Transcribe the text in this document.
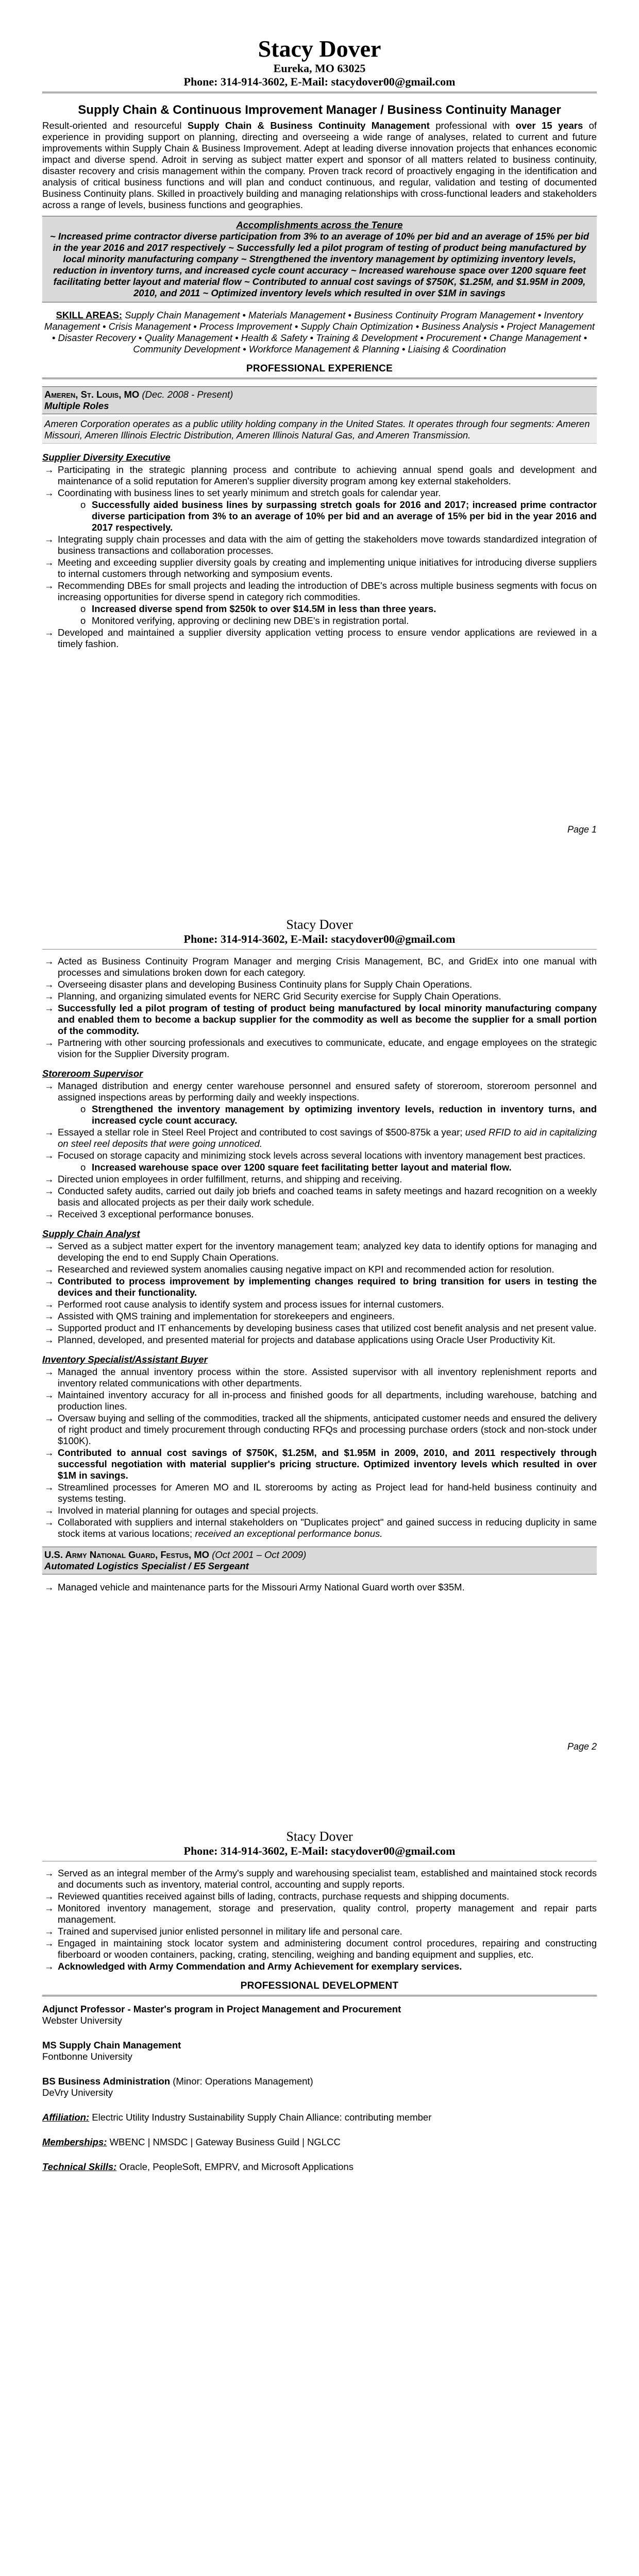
Stacy Dover
Eureka, MO 63025
Phone: 314-914-3602, E-Mail: stacydover00@gmail.com
Supply Chain & Continuous Improvement Manager / Business Continuity Manager

Result-oriented and resourceful Supply Chain & Business Continuity Management professional with over 15 years of experience in providing support on planning, directing and overseeing a wide range of analyses, related to current and future improvements within Supply Chain & Business Improvement. Adept at leading diverse innovation projects that enhances economic impact and diverse spend. Adroit in serving as subject matter expert and sponsor of all matters related to business continuity, disaster recovery and crisis management within the company. Proven track record of proactively engaging in the identification and analysis of critical business functions and will plan and conduct continuous, and regular, validation and testing of documented Business Continuity plans. Skilled in proactively building and managing relationships with cross-functional leaders and stakeholders across a range of levels, business functions and geographies.

Accomplishments across the Tenure
~ Increased prime contractor diverse participation from 3% to an average of 10% per bid and an average of 15% per bid in the year 2016 and 2017 respectively ~ Successfully led a pilot program of testing of product being manufactured by local minority manufacturing company ~ Strengthened the inventory management by optimizing inventory levels, reduction in inventory turns, and increased cycle count accuracy ~ Increased warehouse space over 1200 square feet facilitating better layout and material flow ~ Contributed to annual cost savings of $750K, $1.25M, and $1.95M in 2009, 2010, and 2011 ~ Optimized inventory levels which resulted in over $1M in savings
SKILL AREAS: Supply Chain Management • Materials Management • Business Continuity Program Management • Inventory Management • Crisis Management • Process Improvement • Supply Chain Optimization • Business Analysis • Project Management • Disaster Recovery • Quality Management • Health & Safety • Training & Development • Procurement • Change Management • Community Development • Workforce Management & Planning • Liaising & Coordination
PROFESSIONAL EXPERIENCE
Ameren, St. Louis, MO (Dec. 2008 - Present)
Multiple Roles
Ameren Corporation operates as a public utility holding company in the United States. It operates through four segments: Ameren Missouri, Ameren Illinois Electric Distribution, Ameren Illinois Natural Gas, and Ameren Transmission.
Supplier Diversity Executive
→ Participating in the strategic planning process and contribute to achieving annual spend goals and development and maintenance of a solid reputation for Ameren's supplier diversity program among key external stakeholders.
→ Coordinating with business lines to set yearly minimum and stretch goals for calendar year.
o Successfully aided business lines by surpassing stretch goals for 2016 and 2017; increased prime contractor diverse participation from 3% to an average of 10% per bid and an average of 15% per bid in the year 2016 and 2017 respectively.
→ Integrating supply chain processes and data with the aim of getting the stakeholders move towards standardized integration of business transactions and collaboration processes.
→ Meeting and exceeding supplier diversity goals by creating and implementing unique initiatives for introducing diverse suppliers to internal customers through networking and symposium events.
→ Recommending DBEs for small projects and leading the introduction of DBE's across multiple business segments with focus on increasing opportunities for diverse spend in category rich commodities.
o Increased diverse spend from $250k to over $14.5M in less than three years.
o Monitored verifying, approving or declining new DBE's in registration portal.
→ Developed and maintained a supplier diversity application vetting process to ensure vendor applications are reviewed in a timely fashion.
Page 1
Stacy Dover
Phone: 314-914-3602, E-Mail: stacydover00@gmail.com
→ Acted as Business Continuity Program Manager and merging Crisis Management, BC, and GridEx into one manual with processes and simulations broken down for each category.
→ Overseeing disaster plans and developing Business Continuity plans for Supply Chain Operations.
→ Planning, and organizing simulated events for NERC Grid Security exercise for Supply Chain Operations.
→ Successfully led a pilot program of testing of product being manufactured by local minority manufacturing company and enabled them to become a backup supplier for the commodity as well as become the supplier for a small portion of the commodity.
→ Partnering with other sourcing professionals and executives to communicate, educate, and engage employees on the strategic vision for the Supplier Diversity program.
Storeroom Supervisor
→ Managed distribution and energy center warehouse personnel and ensured safety of storeroom, storeroom personnel and assigned inspections areas by performing daily and weekly inspections.
o Strengthened the inventory management by optimizing inventory levels, reduction in inventory turns, and increased cycle count accuracy.
→ Essayed a stellar role in Steel Reel Project and contributed to cost savings of $500-875k a year; used RFID to aid in capitalizing on steel reel deposits that were going unnoticed.
→ Focused on storage capacity and minimizing stock levels across several locations with inventory management best practices.
o Increased warehouse space over 1200 square feet facilitating better layout and material flow.
→ Directed union employees in order fulfillment, returns, and shipping and receiving.
→ Conducted safety audits, carried out daily job briefs and coached teams in safety meetings and hazard recognition on a weekly basis and allocated projects as per their daily work schedule.
→ Received 3 exceptional performance bonuses.
Supply Chain Analyst
→ Served as a subject matter expert for the inventory management team; analyzed key data to identify options for managing and developing the end to end Supply Chain Operations.
→ Researched and reviewed system anomalies causing negative impact on KPI and recommended action for resolution.
→ Contributed to process improvement by implementing changes required to bring transition for users in testing the devices and their functionality.
→ Performed root cause analysis to identify system and process issues for internal customers.
→ Assisted with QMS training and implementation for storekeepers and engineers.
→ Supported product and IT enhancements by developing business cases that utilized cost benefit analysis and net present value.
→ Planned, developed, and presented material for projects and database applications using Oracle User Productivity Kit.
Inventory Specialist/Assistant Buyer
→ Managed the annual inventory process within the store. Assisted supervisor with all inventory replenishment reports and inventory related communications with other departments.
→ Maintained inventory accuracy for all in-process and finished goods for all departments, including warehouse, batching and production lines.
→ Oversaw buying and selling of the commodities, tracked all the shipments, anticipated customer needs and ensured the delivery of right product and timely procurement through conducting RFQs and processing purchase orders (stock and non-stock under $100K).
→ Contributed to annual cost savings of $750K, $1.25M, and $1.95M in 2009, 2010, and 2011 respectively through successful negotiation with material supplier's pricing structure. Optimized inventory levels which resulted in over $1M in savings.
→ Streamlined processes for Ameren MO and IL storerooms by acting as Project lead for hand-held business continuity and systems testing.
→ Involved in material planning for outages and special projects.
→ Collaborated with suppliers and internal stakeholders on "Duplicates project" and gained success in reducing duplicity in same stock items at various locations; received an exceptional performance bonus.
U.S. Army National Guard, Festus, MO (Oct 2001 – Oct 2009)
Automated Logistics Specialist / E5 Sergeant
→ Managed vehicle and maintenance parts for the Missouri Army National Guard worth over $35M.
Page 2
Stacy Dover
Phone: 314-914-3602, E-Mail: stacydover00@gmail.com
→ Served as an integral member of the Army's supply and warehousing specialist team, established and maintained stock records and documents such as inventory, material control, accounting and supply reports.
→ Reviewed quantities received against bills of lading, contracts, purchase requests and shipping documents.
→ Monitored inventory management, storage and preservation, quality control, property management and repair parts management.
→ Trained and supervised junior enlisted personnel in military life and personal care.
→ Engaged in maintaining stock locator system and administering document control procedures, repairing and constructing fiberboard or wooden containers, packing, crating, stenciling, weighing and banding equipment and supplies, etc.
→ Acknowledged with Army Commendation and Army Achievement for exemplary services.
PROFESSIONAL DEVELOPMENT
Adjunct Professor - Master's program in Project Management and Procurement
Webster University
MS Supply Chain Management
Fontbonne University
BS Business Administration (Minor: Operations Management)
DeVry University
Affiliation: Electric Utility Industry Sustainability Supply Chain Alliance: contributing member
Memberships: WBENC | NMSDC | Gateway Business Guild | NGLCC
Technical Skills: Oracle, PeopleSoft, EMPRV, and Microsoft Applications
